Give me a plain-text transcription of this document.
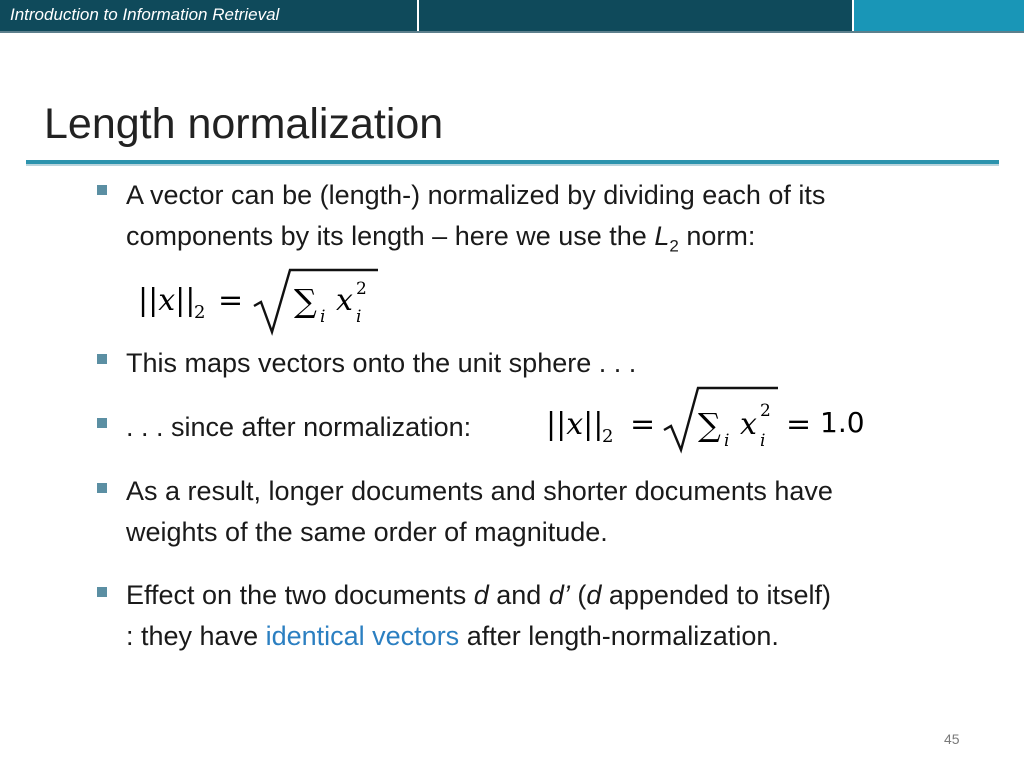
Introduction to Information Retrieval
Length normalization
A vector can be (length-) normalized by dividing each of its
components by its length – here we use the $L_2$ norm:
||x||
2 = ∑ i x 2
i
This maps vectors onto the unit sphere . . .
. . . since after normalization: ||x||
2 = ∑ i x 2
i = 1.0
As a result, longer documents and shorter documents have
weights of the same order of magnitude.
Effect on the two documents d and d’ (d appended to itself)
: they have identical vectors after length-normalization.
45
